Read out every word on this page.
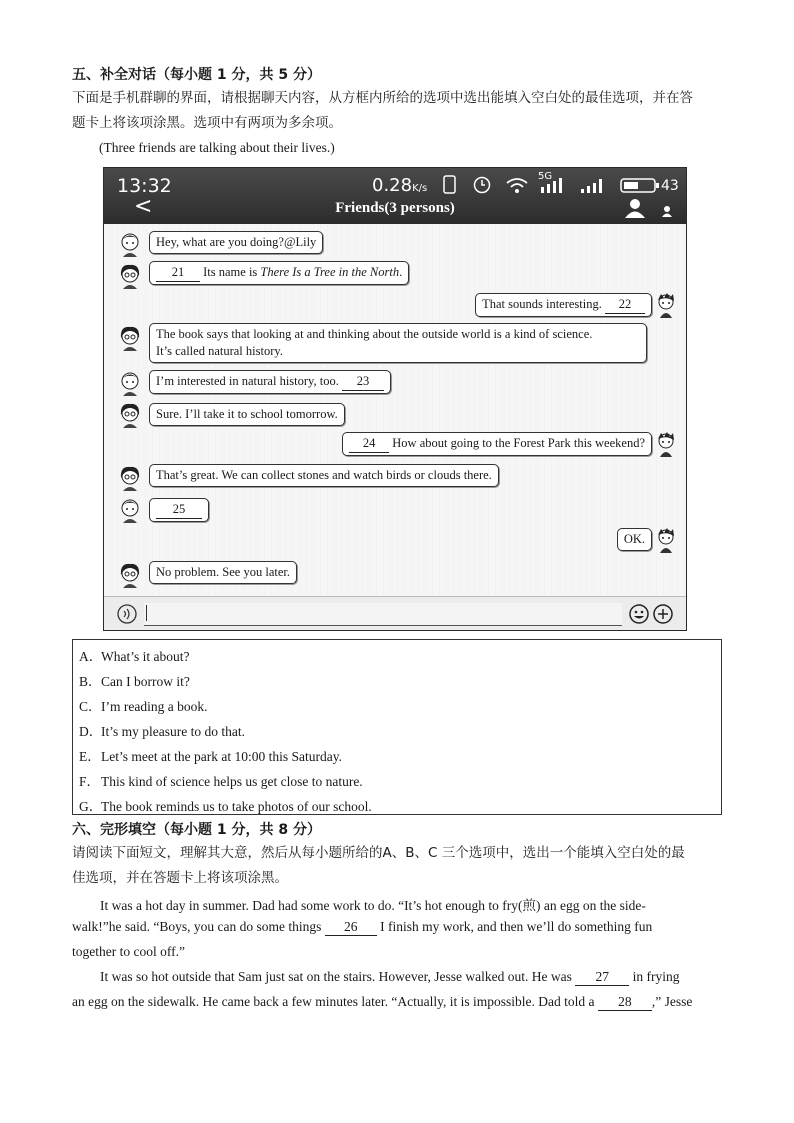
五、补全对话（每小题 1 分，共 5 分）
下面是手机群聊的界面，请根据聊天内容，从方框内所给的选项中选出能填入空白处的最佳选项，并在答
题卡上将该项涂黑。选项中有两项为多余项。
(Three friends are talking about their lives.)
13:32	0.28K/s
5G
43
<	Friends(3 persons)
Hey, what are you doing?@Lily
21 Its name is There Is a Tree in the North.
That sounds interesting. 22
The book says that looking at and thinking about the outside world is a kind of science.
It’s called natural history.
I’m interested in natural history, too. 23
Sure. I’ll take it to school tomorrow.
24 How about going to the Forest Park this weekend?
That’s great. We can collect stones and watch birds or clouds there.
25
OK.
No problem. See you later.
A．What’s it about?
B．Can I borrow it?
C．I’m reading a book.
D．It’s my pleasure to do that.
E．Let’s meet at the park at 10:00 this Saturday.
F．This kind of science helps us get close to nature.
G．The book reminds us to take photos of our school.
六、完形填空（每小题 1 分，共 8 分）
请阅读下面短文，理解其大意，然后从每小题所给的A、B、C 三个选项中，选出一个能填入空白处的最
佳选项，并在答题卡上将该项涂黑。
It was a hot day in summer. Dad had some work to do. “It’s hot enough to fry(煎) an egg on the side-
walk!”he said. “Boys, you can do some things 26 I finish my work, and then we’ll do something fun
together to cool off.”
It was so hot outside that Sam just sat on the stairs. However, Jesse walked out. He was 27 in frying
an egg on the sidewalk. He came back a few minutes later. “Actually, it is impossible. Dad told a 28 ,” Jesse
